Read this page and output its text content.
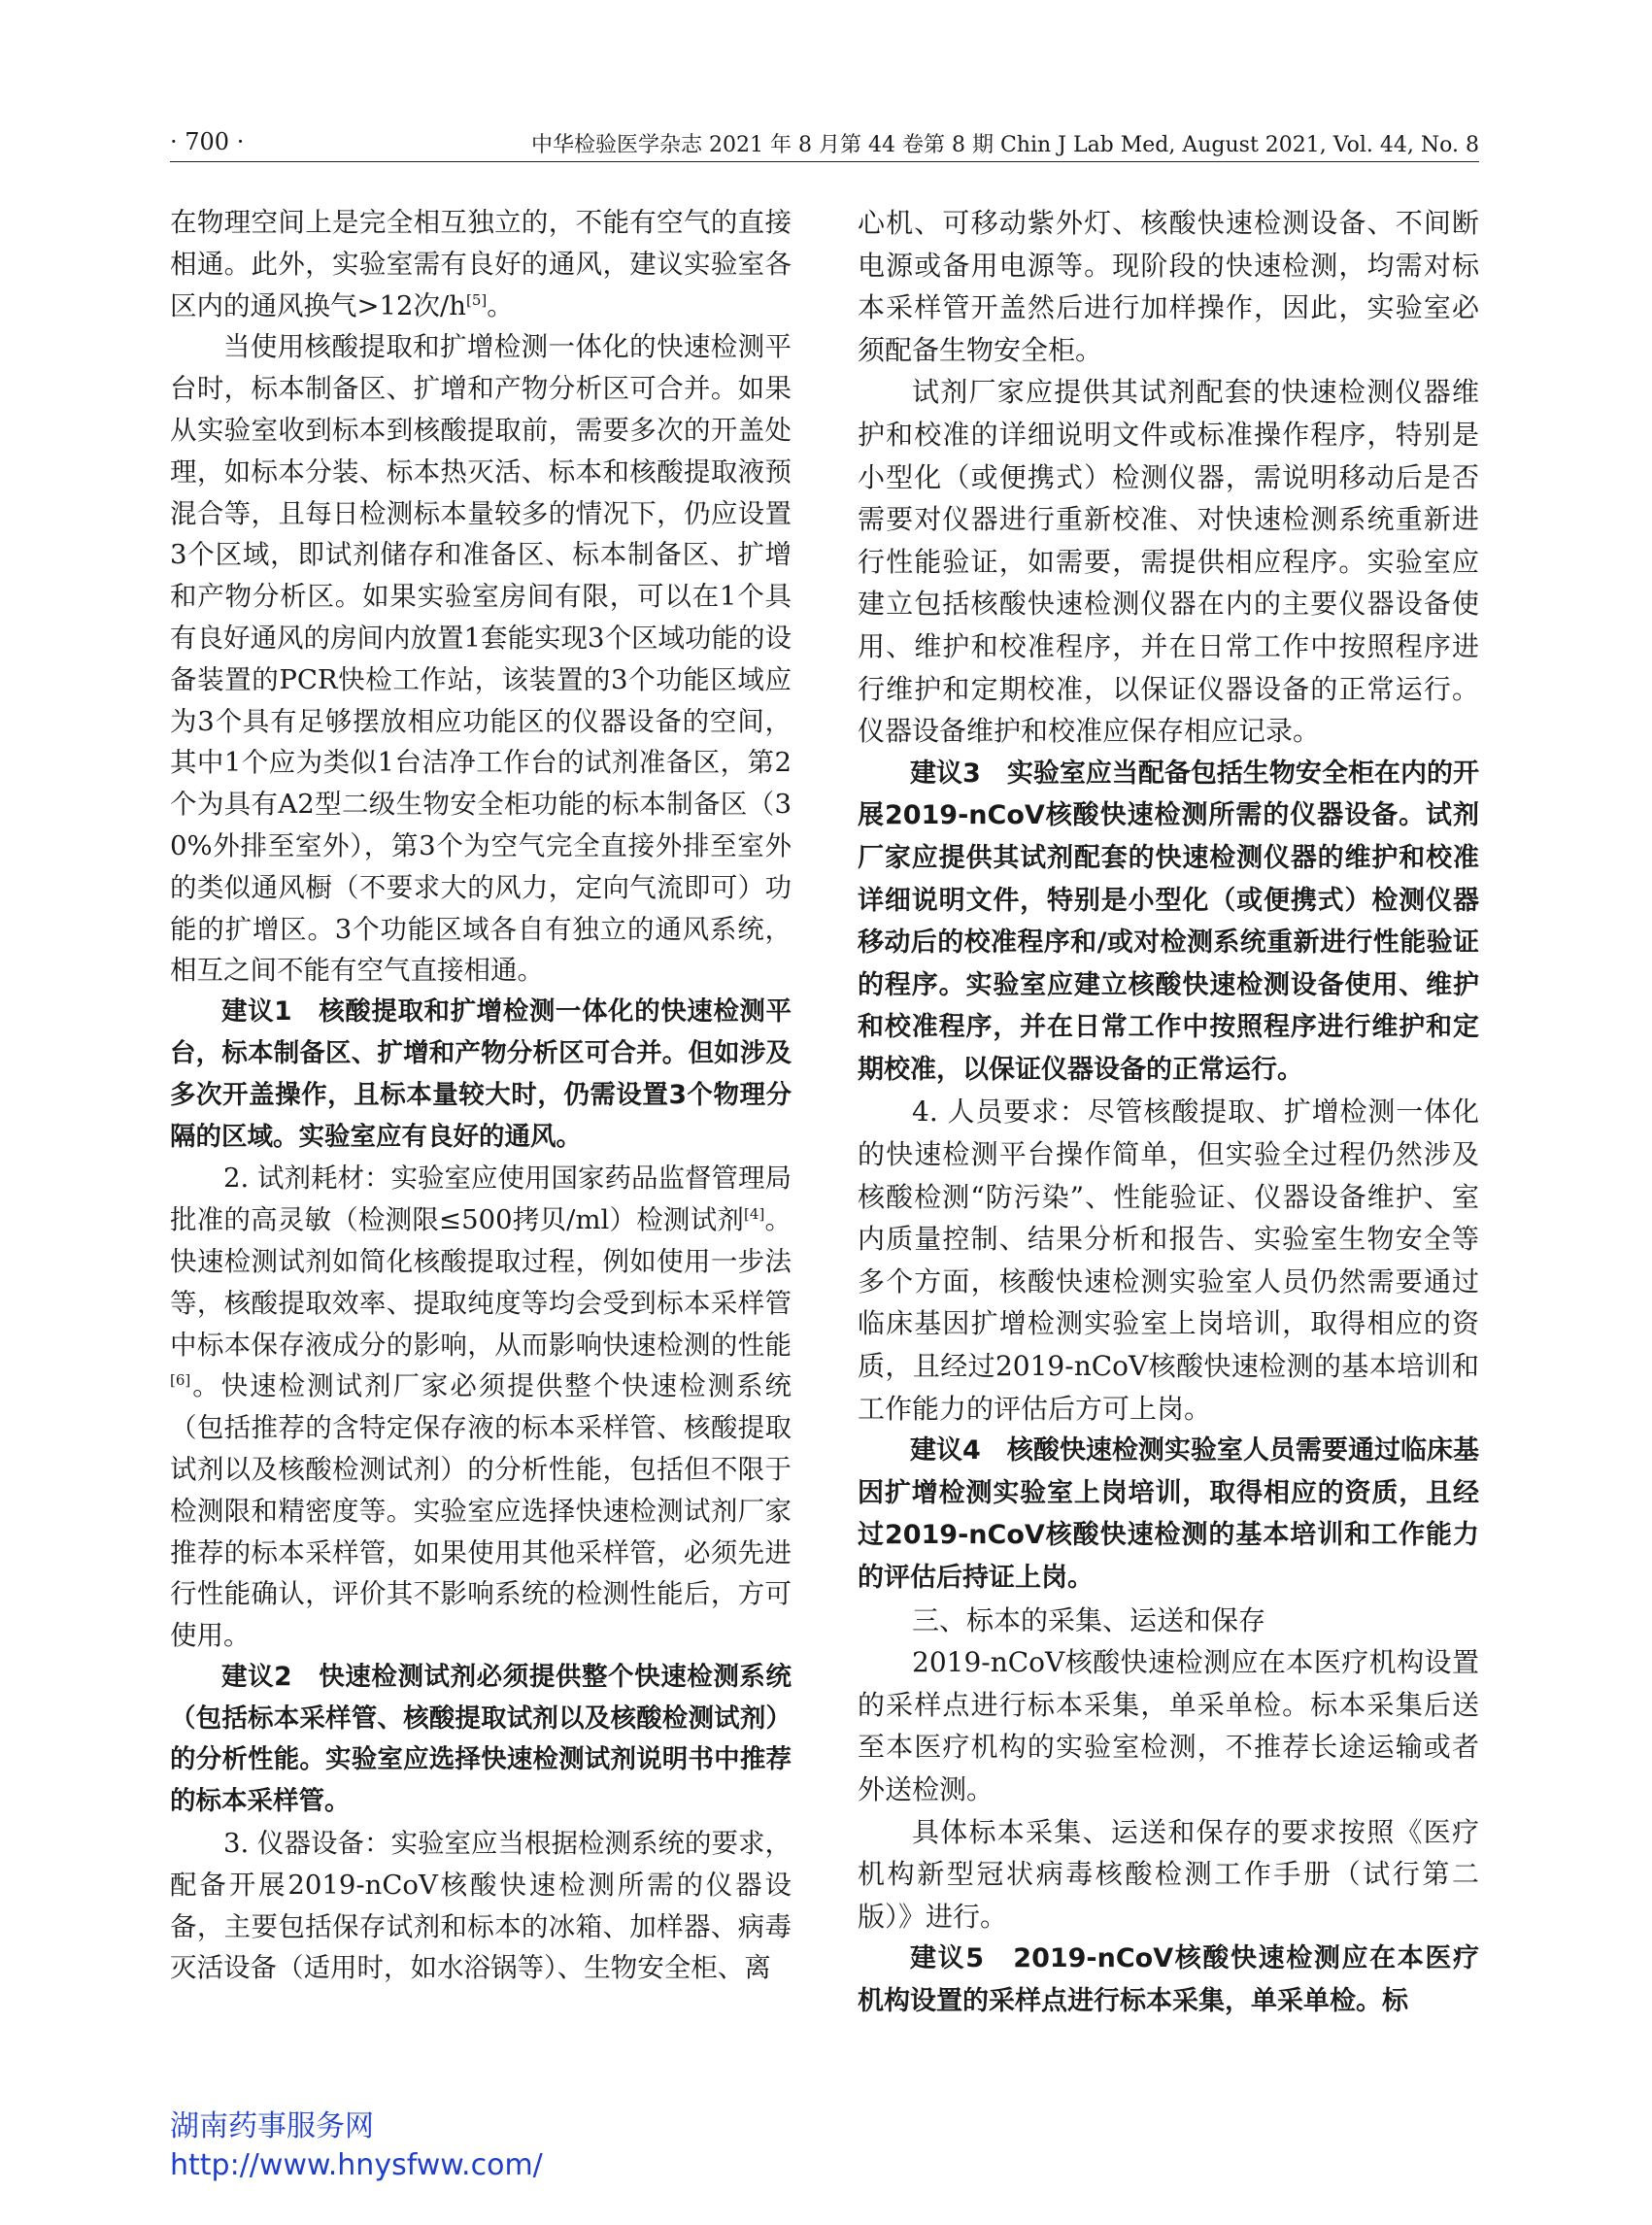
· 700 ·	中华检验医学杂志 2021 年 8 月第 44 卷第 8 期 Chin J Lab Med, August 2021, Vol. 44, No. 8

在物理空间上是完全相互独立的，不能有空气的直接相通。此外，实验室需有良好的通风，建议实验室各区内的通风换气>12次/h[5]。

当使用核酸提取和扩增检测一体化的快速检测平台时，标本制备区、扩增和产物分析区可合并。如果从实验室收到标本到核酸提取前，需要多次的开盖处理，如标本分装、标本热灭活、标本和核酸提取液预混合等，且每日检测标本量较多的情况下，仍应设置3个区域，即试剂储存和准备区、标本制备区、扩增和产物分析区。如果实验室房间有限，可以在1个具有良好通风的房间内放置1套能实现3个区域功能的设备装置的PCR快检工作站，该装置的3个功能区域应为3个具有足够摆放相应功能区的仪器设备的空间，其中1个应为类似1台洁净工作台的试剂准备区，第2个为具有A2型二级生物安全柜功能的标本制备区（30%外排至室外），第3个为空气完全直接外排至室外的类似通风橱（不要求大的风力，定向气流即可）功能的扩增区。3个功能区域各自有独立的通风系统，相互之间不能有空气直接相通。

建议1　核酸提取和扩增检测一体化的快速检测平台，标本制备区、扩增和产物分析区可合并。但如涉及多次开盖操作，且标本量较大时，仍需设置3个物理分隔的区域。实验室应有良好的通风。

2. 试剂耗材：实验室应使用国家药品监督管理局批准的高灵敏（检测限≤500拷贝/ml）检测试剂[4]。快速检测试剂如简化核酸提取过程，例如使用一步法等，核酸提取效率、提取纯度等均会受到标本采样管中标本保存液成分的影响，从而影响快速检测的性能[6]。快速检测试剂厂家必须提供整个快速检测系统（包括推荐的含特定保存液的标本采样管、核酸提取试剂以及核酸检测试剂）的分析性能，包括但不限于检测限和精密度等。实验室应选择快速检测试剂厂家推荐的标本采样管，如果使用其他采样管，必须先进行性能确认，评价其不影响系统的检测性能后，方可使用。

建议2　快速检测试剂必须提供整个快速检测系统（包括标本采样管、核酸提取试剂以及核酸检测试剂）的分析性能。实验室应选择快速检测试剂说明书中推荐的标本采样管。

3. 仪器设备：实验室应当根据检测系统的要求，配备开展2019-nCoV核酸快速检测所需的仪器设备，主要包括保存试剂和标本的冰箱、加样器、病毒灭活设备（适用时，如水浴锅等）、生物安全柜、离

心机、可移动紫外灯、核酸快速检测设备、不间断电源或备用电源等。现阶段的快速检测，均需对标本采样管开盖然后进行加样操作，因此，实验室必须配备生物安全柜。

试剂厂家应提供其试剂配套的快速检测仪器维护和校准的详细说明文件或标准操作程序，特别是小型化（或便携式）检测仪器，需说明移动后是否需要对仪器进行重新校准、对快速检测系统重新进行性能验证，如需要，需提供相应程序。实验室应建立包括核酸快速检测仪器在内的主要仪器设备使用、维护和校准程序，并在日常工作中按照程序进行维护和定期校准，以保证仪器设备的正常运行。仪器设备维护和校准应保存相应记录。

建议3　实验室应当配备包括生物安全柜在内的开展2019-nCoV核酸快速检测所需的仪器设备。试剂厂家应提供其试剂配套的快速检测仪器的维护和校准详细说明文件，特别是小型化（或便携式）检测仪器移动后的校准程序和/或对检测系统重新进行性能验证的程序。实验室应建立核酸快速检测设备使用、维护和校准程序，并在日常工作中按照程序进行维护和定期校准，以保证仪器设备的正常运行。

4. 人员要求：尽管核酸提取、扩增检测一体化的快速检测平台操作简单，但实验全过程仍然涉及核酸检测“防污染”、性能验证、仪器设备维护、室内质量控制、结果分析和报告、实验室生物安全等多个方面，核酸快速检测实验室人员仍然需要通过临床基因扩增检测实验室上岗培训，取得相应的资质，且经过2019-nCoV核酸快速检测的基本培训和工作能力的评估后方可上岗。

建议4　核酸快速检测实验室人员需要通过临床基因扩增检测实验室上岗培训，取得相应的资质，且经过2019-nCoV核酸快速检测的基本培训和工作能力的评估后持证上岗。

三、标本的采集、运送和保存

2019-nCoV核酸快速检测应在本医疗机构设置的采样点进行标本采集，单采单检。标本采集后送至本医疗机构的实验室检测，不推荐长途运输或者外送检测。

具体标本采集、运送和保存的要求按照《医疗机构新型冠状病毒核酸检测工作手册（试行第二版）》进行。

建议5　2019-nCoV核酸快速检测应在本医疗机构设置的采样点进行标本采集，单采单检。标

湖南药事服务网
http://www.hnysfww.com/
